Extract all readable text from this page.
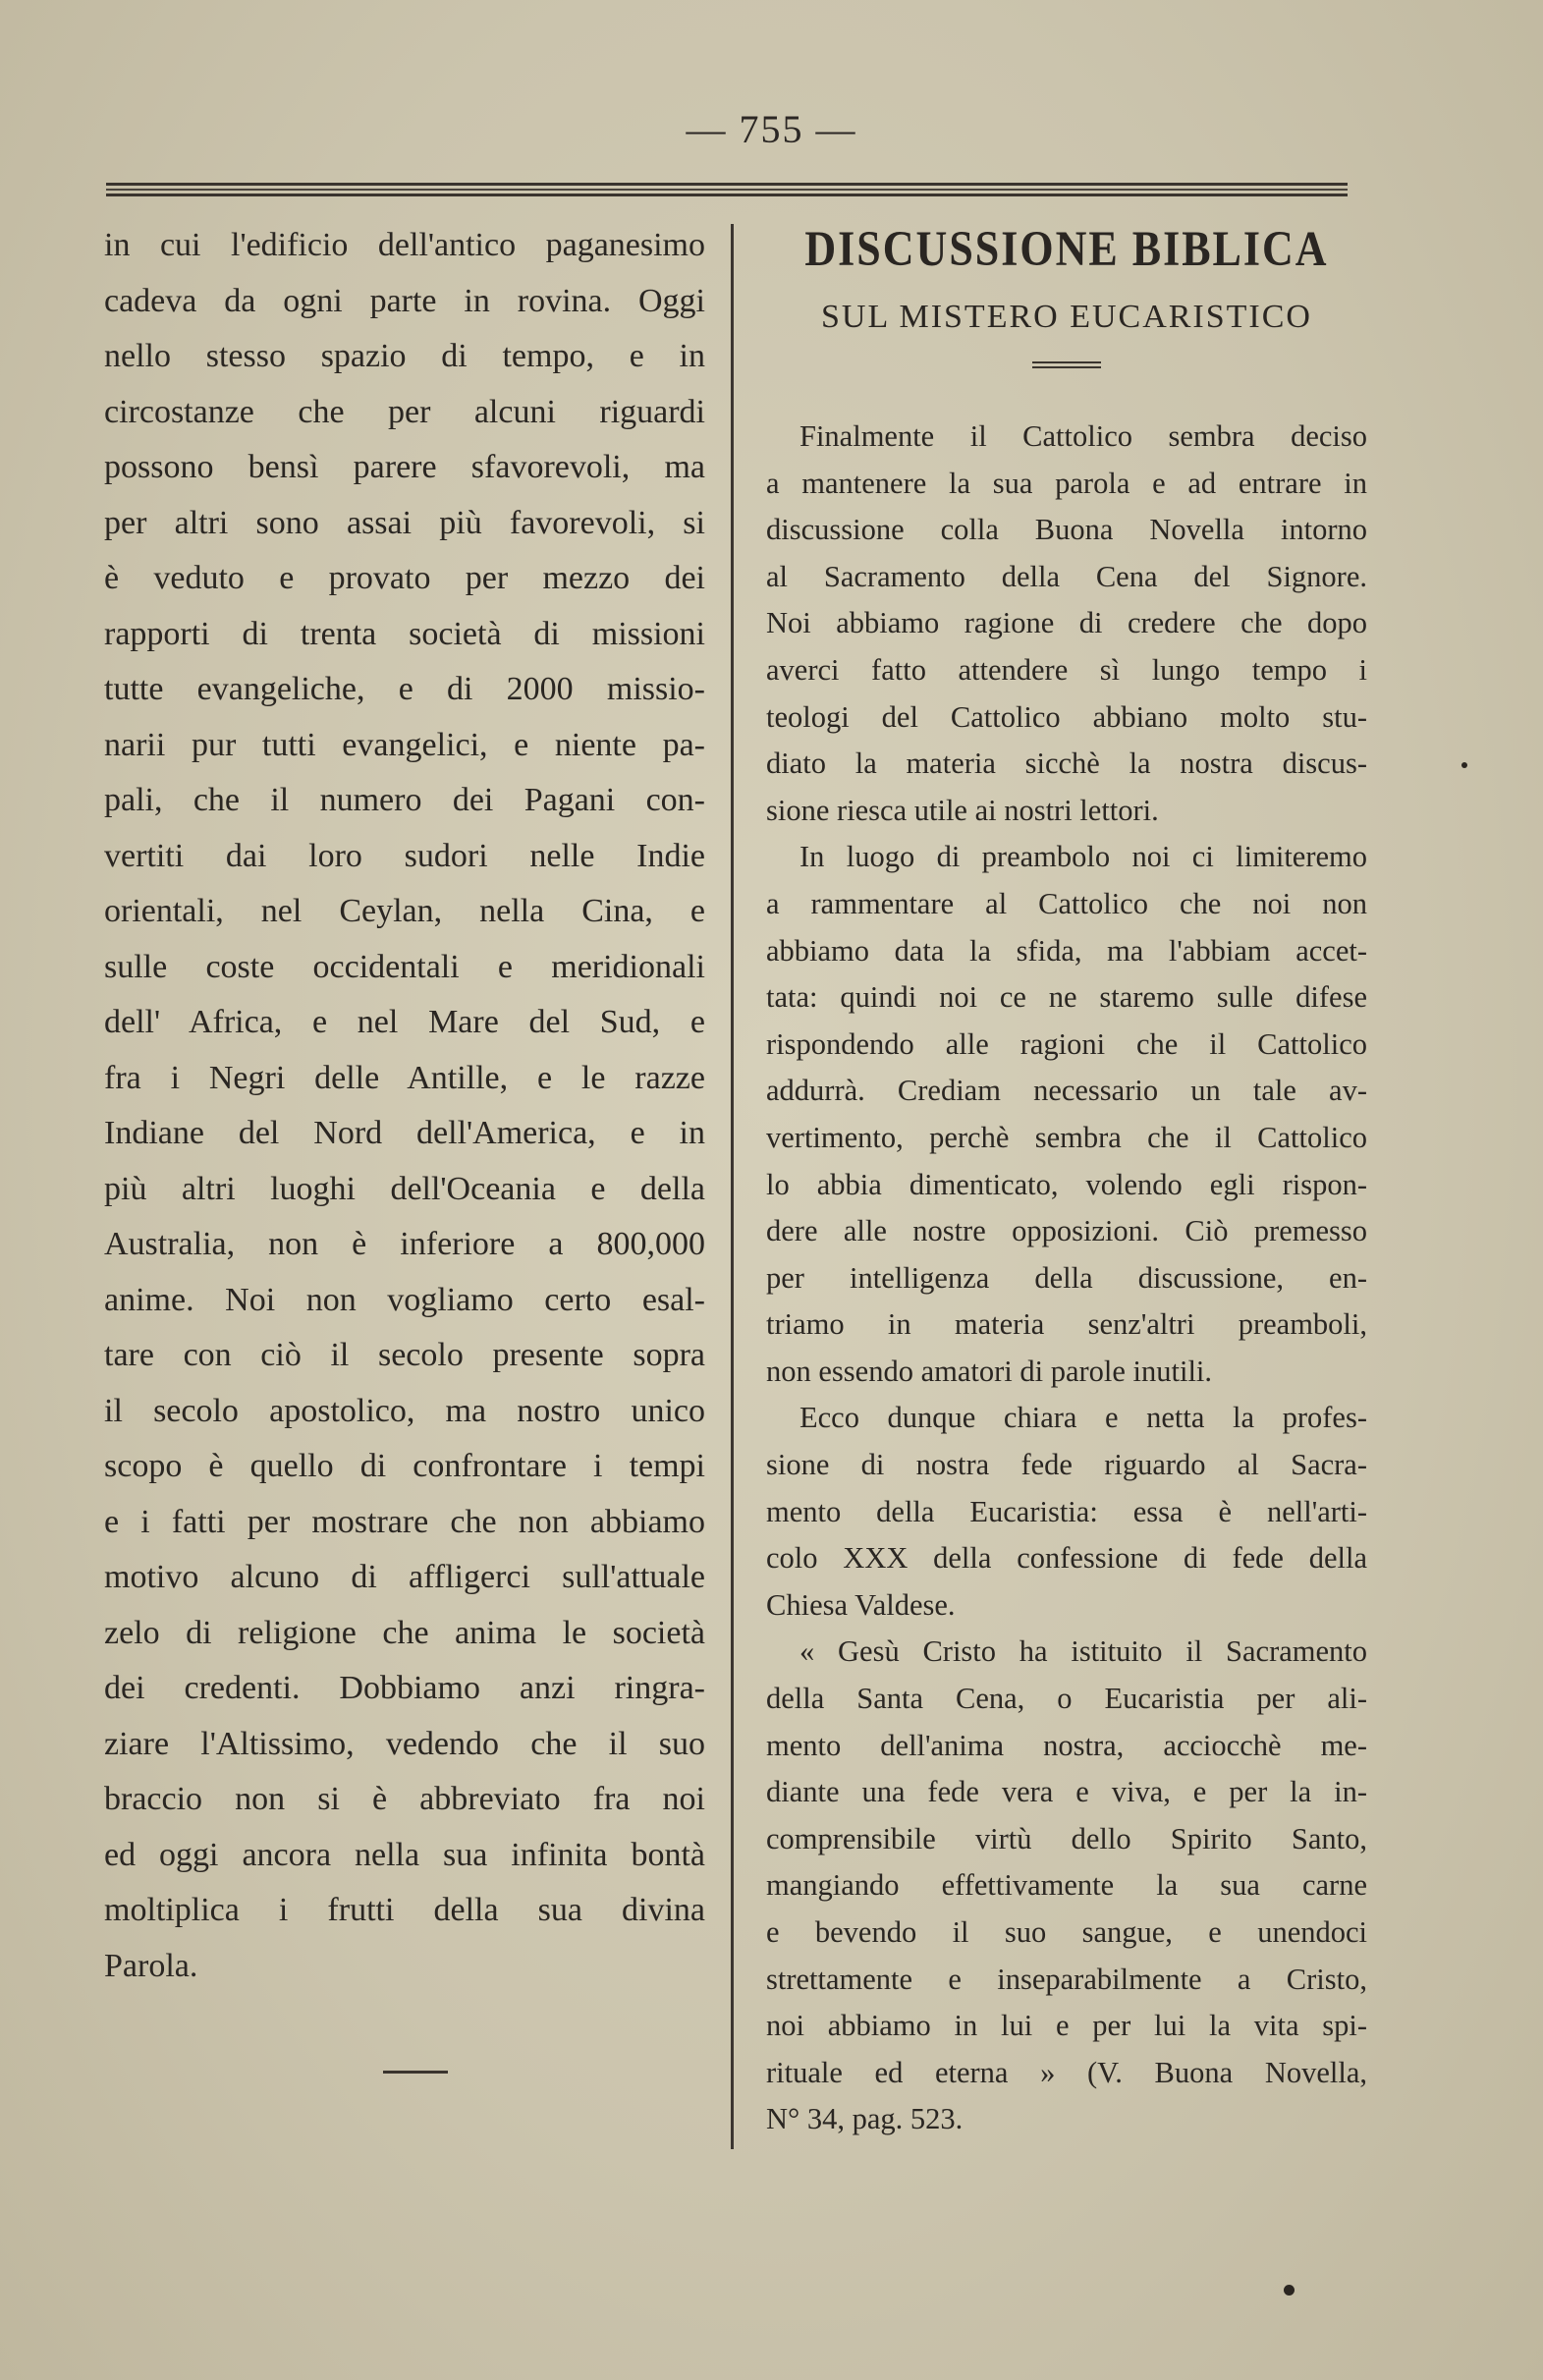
— 755 —
in cui l'edificio dell'antico paganesimo
cadeva da ogni parte in rovina. Oggi
nello stesso spazio di tempo, e in
circostanze che per alcuni riguardi
possono bensì parere sfavorevoli, ma
per altri sono assai più favorevoli, si
è veduto e provato per mezzo dei
rapporti di trenta società di missioni
tutte evangeliche, e di 2000 missio-
narii pur tutti evangelici, e niente pa-
pali, che il numero dei Pagani con-
vertiti dai loro sudori nelle Indie
orientali, nel Ceylan, nella Cina, e
sulle coste occidentali e meridionali
dell' Africa, e nel Mare del Sud, e
fra i Negri delle Antille, e le razze
Indiane del Nord dell'America, e in
più altri luoghi dell'Oceania e della
Australia, non è inferiore a 800,000
anime. Noi non vogliamo certo esal-
tare con ciò il secolo presente sopra
il secolo apostolico, ma nostro unico
scopo è quello di confrontare i tempi
e i fatti per mostrare che non abbiamo
motivo alcuno di affligerci sull'attuale
zelo di religione che anima le società
dei credenti. Dobbiamo anzi ringra-
ziare l'Altissimo, vedendo che il suo
braccio non si è abbreviato fra noi
ed oggi ancora nella sua infinita bontà
moltiplica i frutti della sua divina
Parola.
DISCUSSIONE BIBLICA
SUL MISTERO EUCARISTICO
Finalmente il Cattolico sembra deciso
a mantenere la sua parola e ad entrare in
discussione colla Buona Novella intorno
al Sacramento della Cena del Signore.
Noi abbiamo ragione di credere che dopo
averci fatto attendere sì lungo tempo i
teologi del Cattolico abbiano molto stu-
diato la materia sicchè la nostra discus-
sione riesca utile ai nostri lettori.
In luogo di preambolo noi ci limiteremo
a rammentare al Cattolico che noi non
abbiamo data la sfida, ma l'abbiam accet-
tata: quindi noi ce ne staremo sulle difese
rispondendo alle ragioni che il Cattolico
addurrà. Crediam necessario un tale av-
vertimento, perchè sembra che il Cattolico
lo abbia dimenticato, volendo egli rispon-
dere alle nostre opposizioni. Ciò premesso
per intelligenza della discussione, en-
triamo in materia senz'altri preamboli,
non essendo amatori di parole inutili.
Ecco dunque chiara e netta la profes-
sione di nostra fede riguardo al Sacra-
mento della Eucaristia: essa è nell'arti-
colo XXX della confessione di fede della
Chiesa Valdese.
« Gesù Cristo ha istituito il Sacramento
della Santa Cena, o Eucaristia per ali-
mento dell'anima nostra, acciocchè me-
diante una fede vera e viva, e per la in-
comprensibile virtù dello Spirito Santo,
mangiando effettivamente la sua carne
e bevendo il suo sangue, e unendoci
strettamente e inseparabilmente a Cristo,
noi abbiamo in lui e per lui la vita spi-
rituale ed eterna » (V. Buona Novella,
N° 34, pag. 523.
